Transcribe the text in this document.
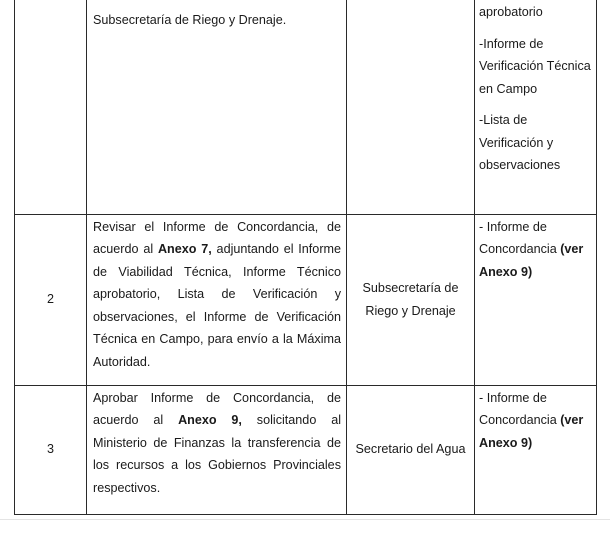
	Subsecretaría de Riego y Drenaje.		aprobatorio

-Informe de Verificación Técnica en Campo

-Lista de Verificación y observaciones

2	Revisar el Informe de Concordancia, de acuerdo al Anexo 7, adjuntando el Informe de Viabilidad Técnica, Informe Técnico aprobatorio, Lista de Verificación y observaciones, el Informe de Verificación Técnica en Campo, para envío a la Máxima Autoridad.	Subsecretaría de Riego y Drenaje	- Informe de Concordancia (ver Anexo 9)

3	Aprobar Informe de Concordancia, de acuerdo al Anexo 9, solicitando al Ministerio de Finanzas la transferencia de los recursos a los Gobiernos Provinciales respectivos.	Secretario del Agua	- Informe de Concordancia (ver Anexo 9)
